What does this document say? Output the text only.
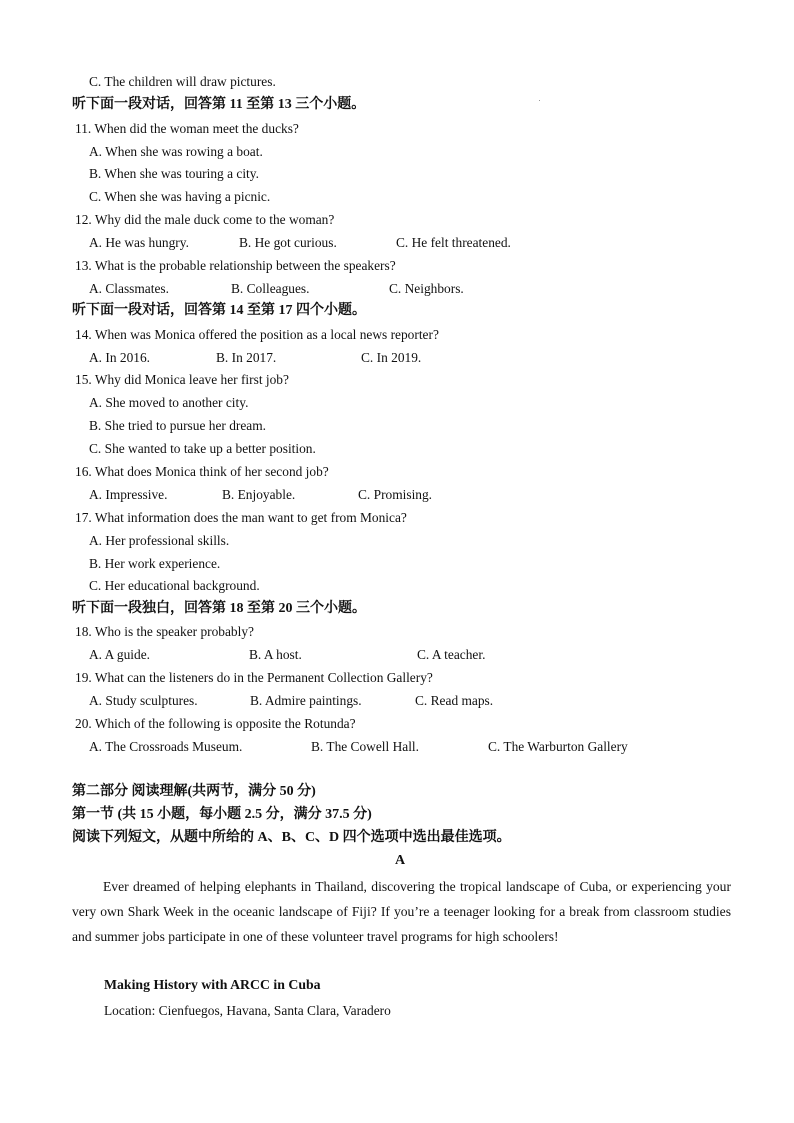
C. The children will draw pictures.
听下面一段对话，回答第 11 至第 13 三个小题。
11. When did the woman meet the ducks?
A. When she was rowing a boat.
B. When she was touring a city.
C. When she was having a picnic.
12. Why did the male duck come to the woman?
A. He was hungry.	B. He got curious.	C. He felt threatened.
13. What is the probable relationship between the speakers?
A. Classmates.	B. Colleagues.	C. Neighbors.
听下面一段对话，回答第 14 至第 17 四个小题。
14. When was Monica offered the position as a local news reporter?
A. In 2016.	B. In 2017.	C. In 2019.
15. Why did Monica leave her first job?
A. She moved to another city.
B. She tried to pursue her dream.
C. She wanted to take up a better position.
16. What does Monica think of her second job?
A. Impressive.	B. Enjoyable.	C. Promising.
17. What information does the man want to get from Monica?
A. Her professional skills.
B. Her work experience.
C. Her educational background.
听下面一段独白，回答第 18 至第 20 三个小题。
18. Who is the speaker probably?
A. A guide.	B. A host.	C. A teacher.
19. What can the listeners do in the Permanent Collection Gallery?
A. Study sculptures.	B. Admire paintings.	C. Read maps.
20. Which of the following is opposite the Rotunda?
A. The Crossroads Museum.	B. The Cowell Hall.	C. The Warburton Gallery
第二部分 阅读理解(共两节，满分 50 分)
第一节 (共 15 小题，每小题 2.5 分，满分 37.5 分)
阅读下列短文，从题中所给的 A、B、C、D 四个选项中选出最佳选项。
A
Ever dreamed of helping elephants in Thailand, discovering the tropical landscape of Cuba, or experiencing your very own Shark Week in the oceanic landscape of Fiji? If you’re a teenager looking for a break from classroom studies and summer jobs participate in one of these volunteer travel programs for high schoolers!
Making History with ARCC in Cuba
Location: Cienfuegos, Havana, Santa Clara, Varadero
